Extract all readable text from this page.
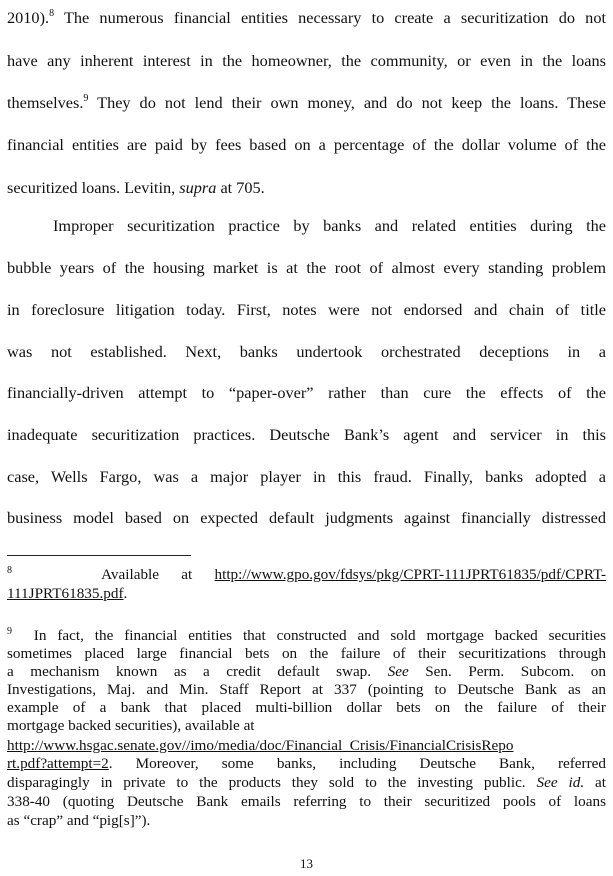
2010).$^8$ The numerous financial entities necessary to create a securitization do not
have any inherent interest in the homeowner, the community, or even in the loans
themselves.$^9$ They do not lend their own money, and do not keep the loans. These
financial entities are paid by fees based on a percentage of the dollar volume of the
securitized loans. Levitin, supra at 705.
Improper securitization practice by banks and related entities during the
bubble years of the housing market is at the root of almost every standing problem
in foreclosure litigation today. First, notes were not endorsed and chain of title
was not established. Next, banks undertook orchestrated deceptions in a
financially-driven attempt to “paper-over” rather than cure the effects of the
inadequate securitization practices. Deutsche Bank’s agent and servicer in this
case, Wells Fargo, was a major player in this fraud. Finally, banks adopted a
business model based on expected default judgments against financially distressed
$^8$	Available at http://www.gpo.gov/fdsys/pkg/CPRT-111JPRT61835/pdf/CPRT-
111JPRT61835.pdf.
$^9$ In fact, the financial entities that constructed and sold mortgage backed securities
sometimes placed large financial bets on the failure of their securitizations through
a mechanism known as a credit default swap. See Sen. Perm. Subcom. on
Investigations, Maj. and Min. Staff Report at 337 (pointing to Deutsche Bank as an
example of a bank that placed multi-billion dollar bets on the failure of their
mortgage backed securities), available at
http://www.hsgac.senate.gov//imo/media/doc/Financial_Crisis/FinancialCrisisRepo
rt.pdf?attempt=2. Moreover, some banks, including Deutsche Bank, referred
disparagingly in private to the products they sold to the investing public. See id. at
338-40 (quoting Deutsche Bank emails referring to their securitized pools of loans
as “crap” and “pig[s]”).
13
